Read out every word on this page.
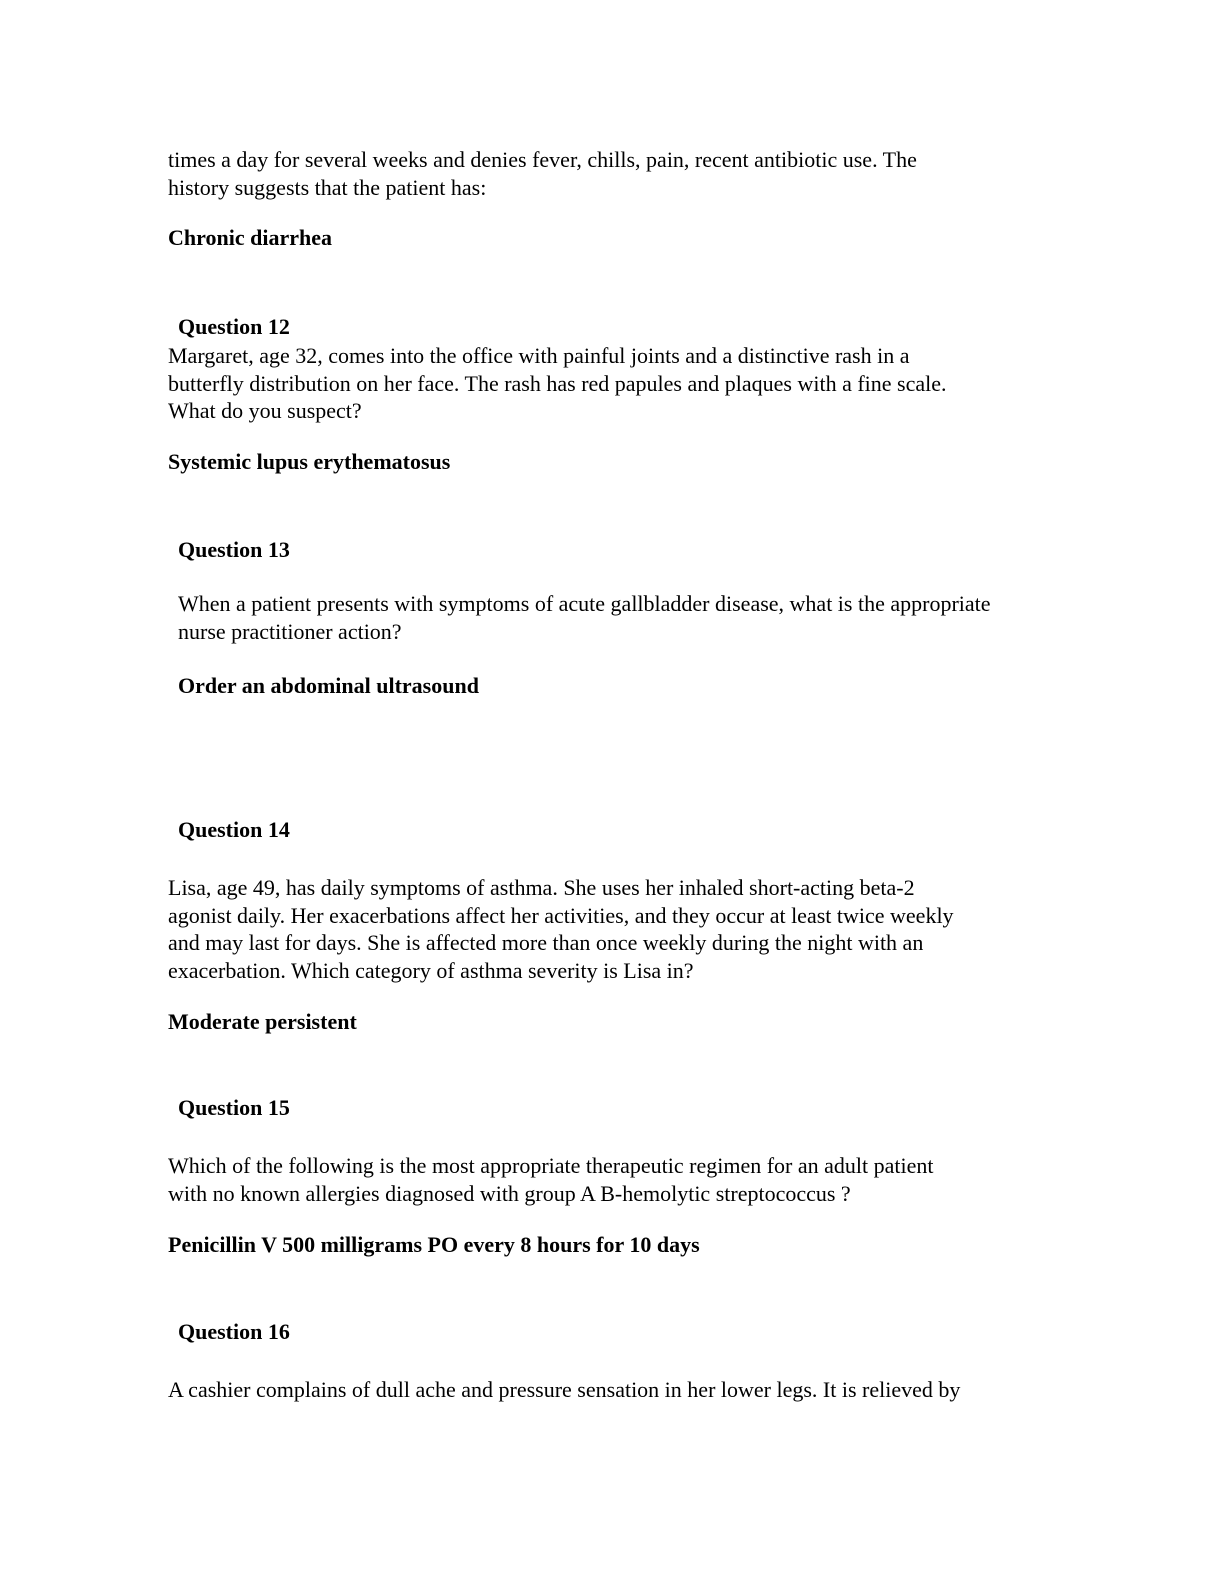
times a day for several weeks and denies fever, chills, pain, recent antibiotic use. The
history suggests that the patient has:

Chronic diarrhea

Question 12

Margaret, age 32, comes into the office with painful joints and a distinctive rash in a
butterfly distribution on her face. The rash has red papules and plaques with a fine scale.
What do you suspect?

Systemic lupus erythematosus

Question 13

When a patient presents with symptoms of acute gallbladder disease, what is the appropriate
nurse practitioner action?

Order an abdominal ultrasound

Question 14

Lisa, age 49, has daily symptoms of asthma. She uses her inhaled short-acting beta-2
agonist daily. Her exacerbations affect her activities, and they occur at least twice weekly
and may last for days. She is affected more than once weekly during the night with an
exacerbation. Which category of asthma severity is Lisa in?

Moderate persistent

Question 15

Which of the following is the most appropriate therapeutic regimen for an adult patient
with no known allergies diagnosed with group A B-hemolytic streptococcus ?

Penicillin V 500 milligrams PO every 8 hours for 10 days

Question 16

A cashier complains of dull ache and pressure sensation in her lower legs. It is relieved by
